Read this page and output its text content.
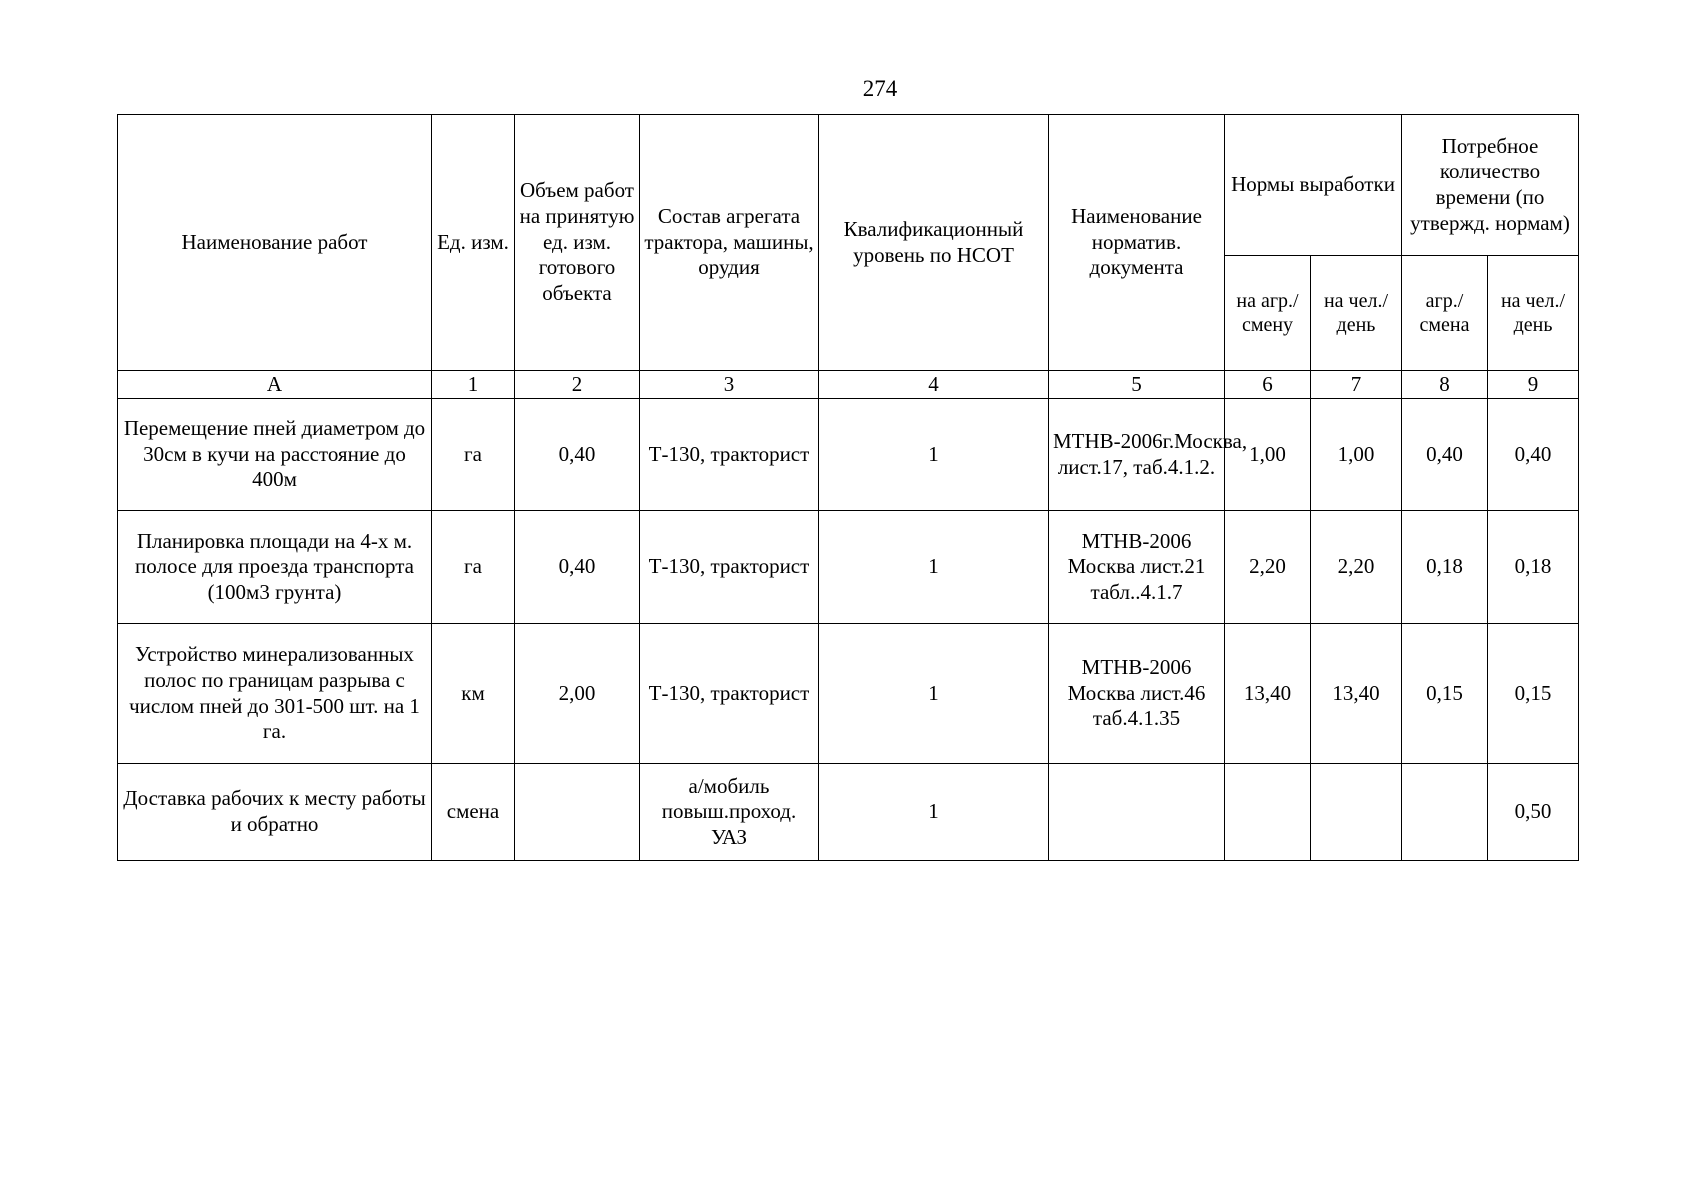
274
Наименование работ	Ед. изм.	Объем работ на принятую ед. изм. готового объекта	Состав агрегата трактора, машины, орудия	Квалификационный уровень по НСОТ	Наименование норматив. документа	Нормы выработки		Потребное количество времени (по утвержд. нормам)	
						на агр./ смену	на чел./ день	агр./ смена	на чел./ день
А	1	2	3	4	5	6	7	8	9
Перемещение пней диаметром до 30см в кучи на расстояние до 400м	га	0,40	Т-130, тракторист	1	МТНВ-2006г.Москва, лист.17, таб.4.1.2.	1,00	1,00	0,40	0,40
Планировка площади на 4-х м. полосе для проезда транспорта (100м3 грунта)	га	0,40	Т-130, тракторист	1	МТНВ-2006 Москва лист.21 табл..4.1.7	2,20	2,20	0,18	0,18
Устройство минерализованных полос по границам разрыва с числом пней до 301-500 шт. на 1 га.	км	2,00	Т-130, тракторист	1	МТНВ-2006 Москва лист.46 таб.4.1.35	13,40	13,40	0,15	0,15
Доставка рабочих к месту работы и обратно	смена		а/мобиль повыш.проход. УАЗ	1					0,50
